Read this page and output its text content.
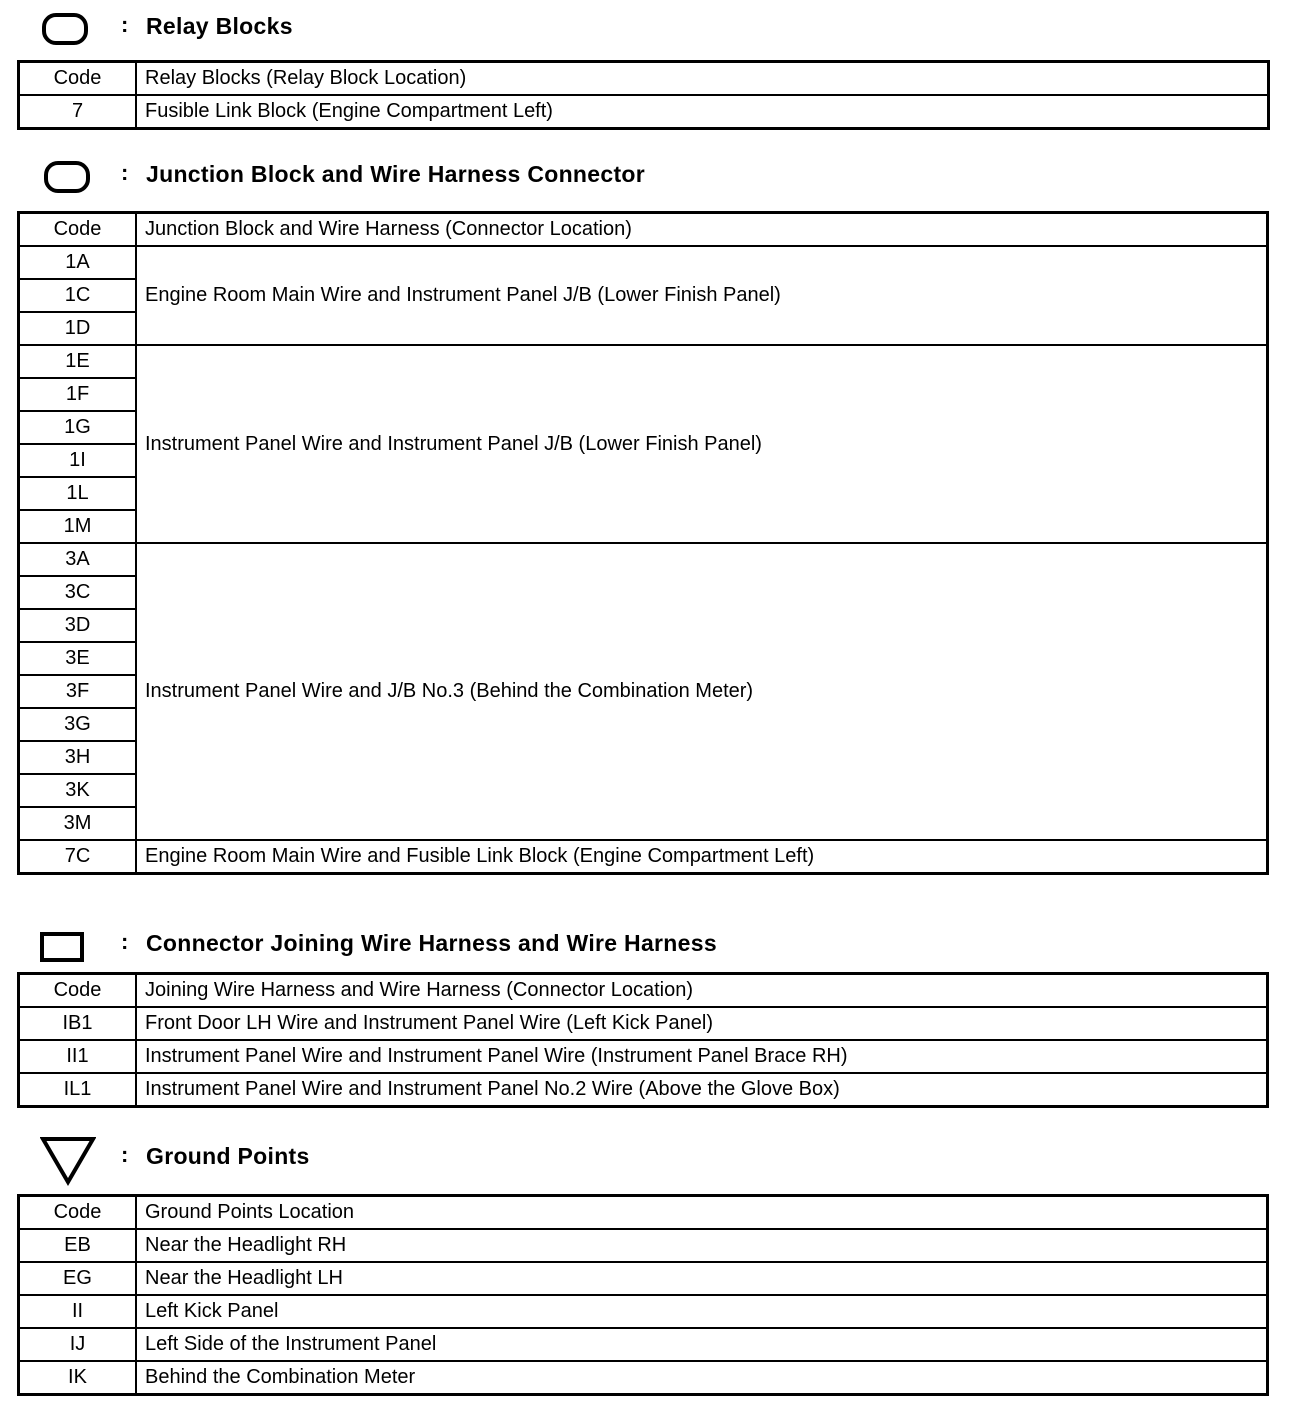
: Relay Blocks
Code	Relay Blocks (Relay Block Location)
7	Fusible Link Block (Engine Compartment Left)
: Junction Block and Wire Harness Connector
Code	Junction Block and Wire Harness (Connector Location)
1A	Engine Room Main Wire and Instrument Panel J/B (Lower Finish Panel)
1C	
1D	
1E	Instrument Panel Wire and Instrument Panel J/B (Lower Finish Panel)
1F	
1G	
1I	
1L	
1M	
3A	Instrument Panel Wire and J/B No.3 (Behind the Combination Meter)
3C	
3D	
3E	
3F	
3G	
3H	
3K	
3M	
7C	Engine Room Main Wire and Fusible Link Block (Engine Compartment Left)
: Connector Joining Wire Harness and Wire Harness
Code	Joining Wire Harness and Wire Harness (Connector Location)
IB1	Front Door LH Wire and Instrument Panel Wire (Left Kick Panel)
II1	Instrument Panel Wire and Instrument Panel Wire (Instrument Panel Brace RH)
IL1	Instrument Panel Wire and Instrument Panel No.2 Wire (Above the Glove Box)
: Ground Points
Code	Ground Points Location
EB	Near the Headlight RH
EG	Near the Headlight LH
II	Left Kick Panel
IJ	Left Side of the Instrument Panel
IK	Behind the Combination Meter
